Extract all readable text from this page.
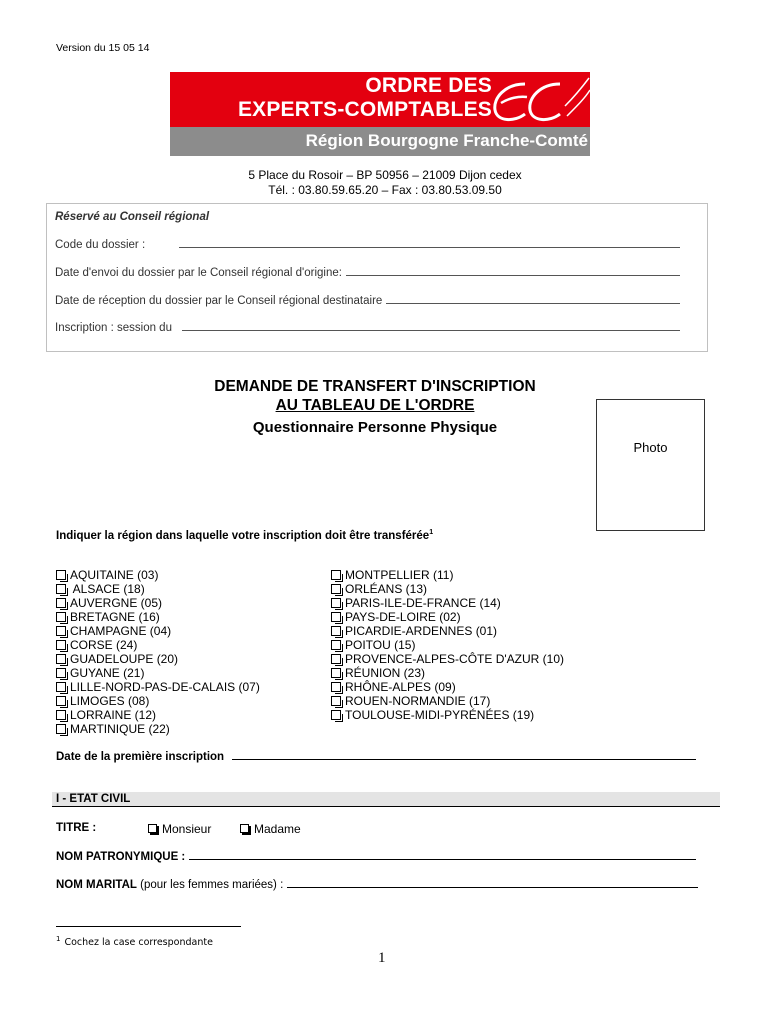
Version du 15 05 14
ORDRE DES
EXPERTS-COMPTABLES
Région Bourgogne Franche-Comté
5 Place du Rosoir – BP 50956 – 21009 Dijon cedex
Tél. : 03.80.59.65.20 – Fax : 03.80.53.09.50
Réservé au Conseil régional
Code du dossier :
Date d'envoi du dossier par le Conseil régional d'origine:
Date de réception du dossier par le Conseil régional destinataire
Inscription : session du
DEMANDE DE TRANSFERT D'INSCRIPTION
AU TABLEAU DE L'ORDRE
Questionnaire Personne Physique
Photo
Indiquer la région dans laquelle votre inscription doit être transférée$^1$
AQUITAINE (03)
ALSACE (18)
AUVERGNE (05)
BRETAGNE (16)
CHAMPAGNE (04)
CORSE (24)
GUADELOUPE (20)
GUYANE (21)
LILLE-NORD-PAS-DE-CALAIS (07)
LIMOGES (08)
LORRAINE (12)
MARTINIQUE (22)
MONTPELLIER (11)
ORLÉANS (13)
PARIS-ILE-DE-FRANCE (14)
PAYS-DE-LOIRE (02)
PICARDIE-ARDENNES (01)
POITOU (15)
PROVENCE-ALPES-CÔTE D'AZUR (10)
RÉUNION (23)
RHÔNE-ALPES (09)
ROUEN-NORMANDIE (17)
TOULOUSE-MIDI-PYRÉNÉES (19)
Date de la première inscription
I - ETAT CIVIL
TITRE :	Monsieur	Madame
NOM PATRONYMIQUE :
NOM MARITAL (pour les femmes mariées) :
$^1$ Cochez la case correspondante
1
